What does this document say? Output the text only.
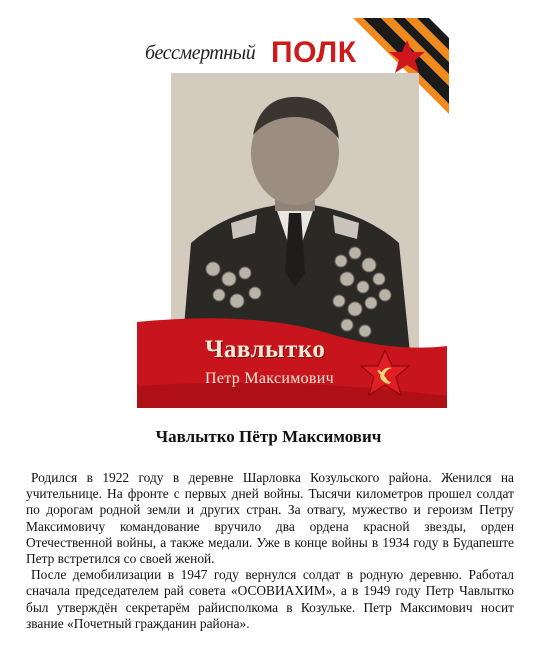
бессмертный ПОЛК
Чавлытко
Петр Максимович
Чавлытко Пётр Максимович

Родился в 1922 году в деревне Шарловка Козульского района. Женился на учительнице. На фронте с первых дней войны. Тысячи километров прошел солдат по дорогам родной земли и других стран. За отвагу, мужество и героизм Петру Максимовичу командование вручило два ордена красной звезды, орден Отечественной войны, а также медали. Уже в конце войны в 1934 году в Будапеште Петр встретился со своей женой.

После демобилизации в 1947 году вернулся солдат в родную деревню. Работал сначала председателем рай совета «ОСОВИАХИМ», а в 1949 году Петр Чавлытко был утверждён секретарём райисполкома в Козульке. Петр Максимович носит звание «Почетный гражданин района».
